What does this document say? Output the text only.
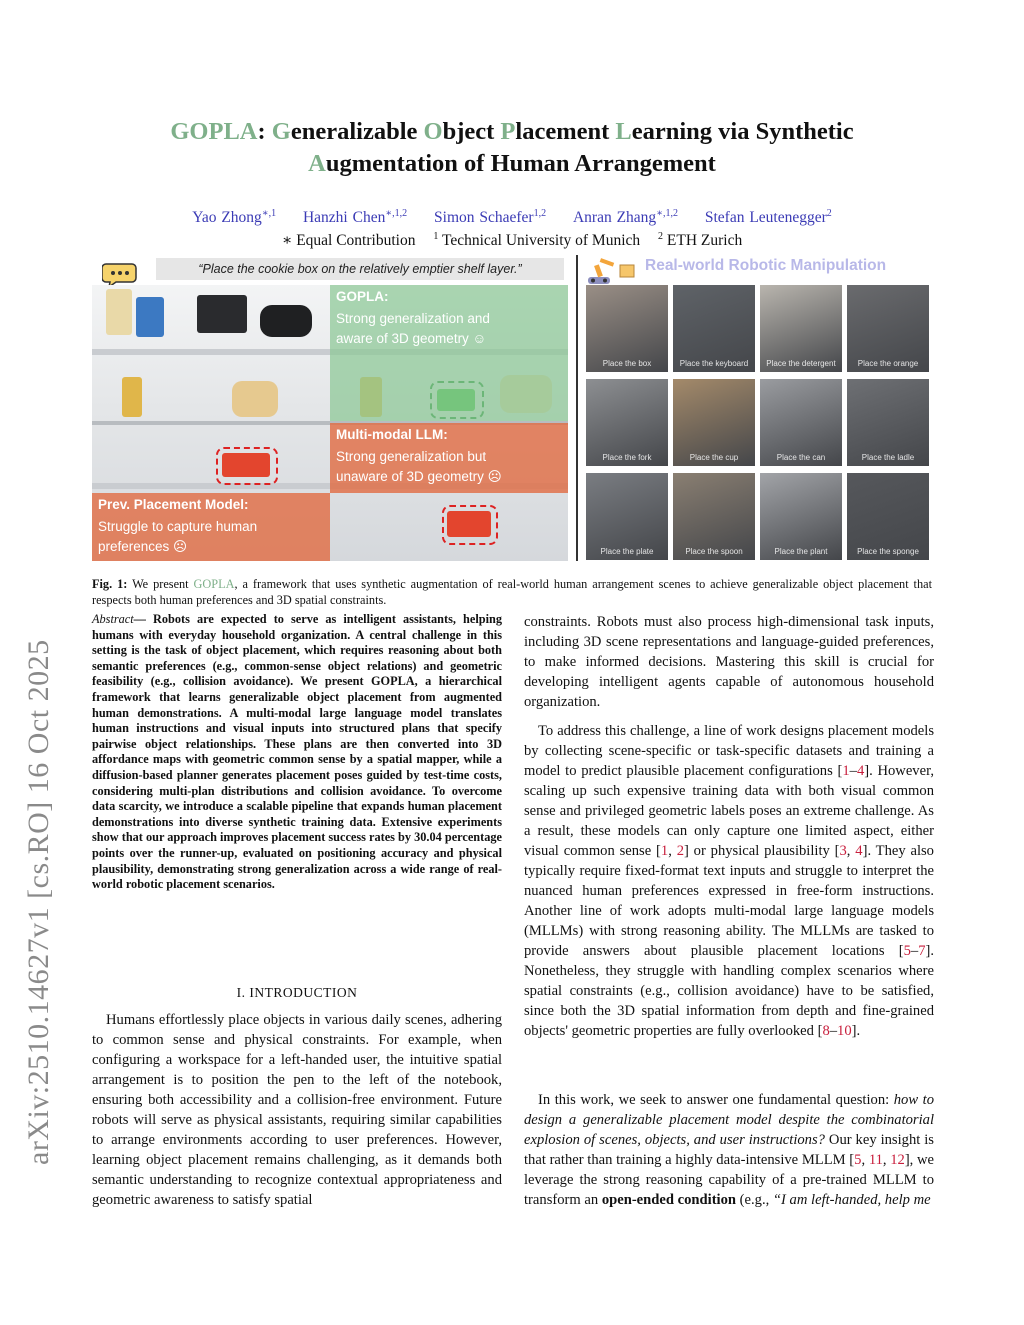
arXiv:2510.14627v1 [cs.RO] 16 Oct 2025
GOPLA: Generalizable Object Placement Learning via Synthetic
Augmentation of Human Arrangement
Yao Zhong$^{∗,1}$ Hanzhi Chen$^{∗,1,2}$ Simon Schaefer$^{1,2}$ Anran Zhang$^{∗,1,2}$ Stefan Leutenegger$^2$
∗ Equal Contribution $^1$ Technical University of Munich $^2$ ETH Zurich
“Place the cookie box on the relatively emptier shelf layer.”
GOPLA:
Strong generalization and
aware of 3D geometry ☺
Multi-modal LLM:
Strong generalization but
unaware of 3D geometry ☹
Prev. Placement Model:
Struggle to capture human
preferences ☹
Real-world Robotic Manipulation
Place the box	Place the keyboard	Place the detergent	Place the orange
Place the fork	Place the cup	Place the can	Place the ladle
Place the plate	Place the spoon	Place the plant	Place the sponge
Fig. 1: We present GOPLA, a framework that uses synthetic augmentation of real-world human arrangement scenes to achieve generalizable object placement that respects both human preferences and 3D spatial constraints.
Abstract— Robots are expected to serve as intelligent assistants, helping humans with everyday household organization. A central challenge in this setting is the task of object placement, which requires reasoning about both semantic preferences (e.g., common-sense object relations) and geometric feasibility (e.g., collision avoidance). We present GOPLA, a hierarchical framework that learns generalizable object placement from augmented human demonstrations. A multi-modal large language model translates human instructions and visual inputs into structured plans that specify pairwise object relationships. These plans are then converted into 3D affordance maps with geometric common sense by a spatial mapper, while a diffusion-based planner generates placement poses guided by test-time costs, considering multi-plan distributions and collision avoidance. To overcome data scarcity, we introduce a scalable pipeline that expands human placement demonstrations into diverse synthetic training data. Extensive experiments show that our approach improves placement success rates by 30.04 percentage points over the runner-up, evaluated on positioning accuracy and physical plausibility, demonstrating strong generalization across a wide range of real-world robotic placement scenarios.
I. INTRODUCTION
Humans effortlessly place objects in various daily scenes, adhering to common sense and physical constraints. For example, when configuring a workspace for a left-handed user, the intuitive spatial arrangement is to position the pen to the left of the notebook, ensuring both accessibility and a collision-free environment. Future robots will serve as physical assistants, requiring similar capabilities to arrange environments according to user preferences. However, learning object placement remains challenging, as it demands both semantic understanding to recognize contextual appropriateness and geometric awareness to satisfy spatial
constraints. Robots must also process high-dimensional task inputs, including 3D scene representations and language-guided preferences, to make informed decisions. Mastering this skill is crucial for developing intelligent agents capable of autonomous household organization.
To address this challenge, a line of work designs placement models by collecting scene-specific or task-specific datasets and training a model to predict plausible placement configurations [1–4]. However, scaling up such expensive training data with both visual common sense and privileged geometric labels poses an extreme challenge. As a result, these models can only capture one limited aspect, either visual common sense [1, 2] or physical plausibility [3, 4]. They also typically require fixed-format text inputs and struggle to interpret the nuanced human preferences expressed in free-form instructions. Another line of work adopts multi-modal large language models (MLLMs) with strong reasoning ability. The MLLMs are tasked to provide answers about plausible placement locations [5–7]. Nonetheless, they struggle with handling complex scenarios where spatial constraints (e.g., collision avoidance) have to be satisfied, since both the 3D spatial information from depth and fine-grained objects' geometric properties are fully overlooked [8–10].
In this work, we seek to answer one fundamental question: how to design a generalizable placement model despite the combinatorial explosion of scenes, objects, and user instructions? Our key insight is that rather than training a highly data-intensive MLLM [5, 11, 12], we leverage the strong reasoning capability of a pre-trained MLLM to transform an open-ended condition (e.g., “I am left-handed, help me
